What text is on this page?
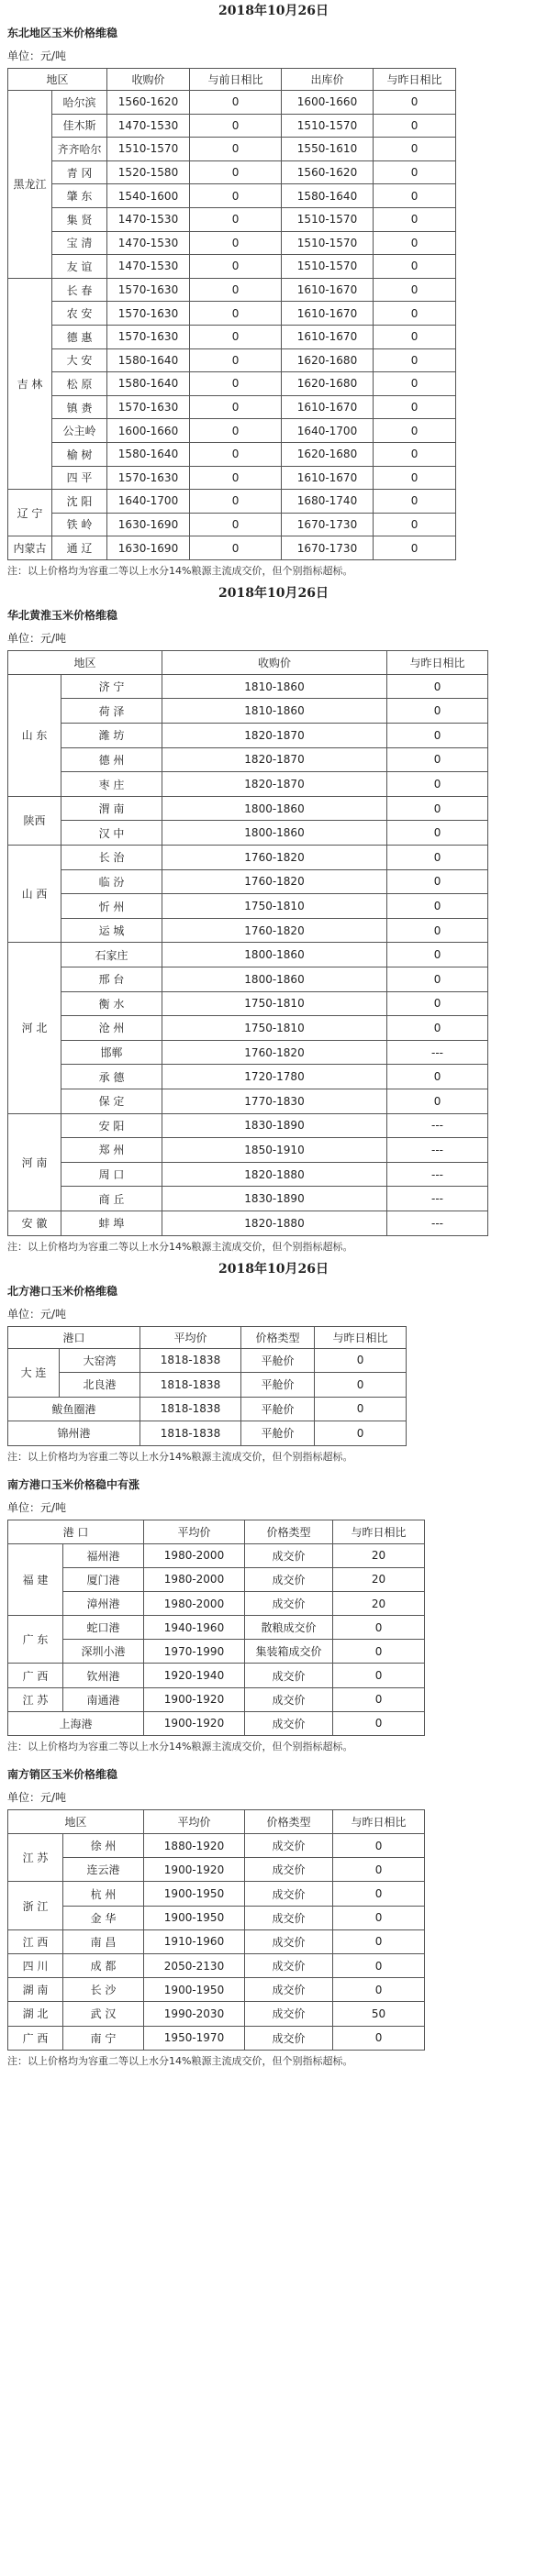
2018年10月26日
东北地区玉米价格维稳
单位：元/吨
地区		收购价	与前日相比	出库价	与昨日相比
黑龙江	哈尔滨	1560-1620	0	1600-1660	0
	佳木斯	1470-1530	0	1510-1570	0
	齐齐哈尔	1510-1570	0	1550-1610	0
	青 冈	1520-1580	0	1560-1620	0
	肇 东	1540-1600	0	1580-1640	0
	集 贤	1470-1530	0	1510-1570	0
	宝 清	1470-1530	0	1510-1570	0
	友 谊	1470-1530	0	1510-1570	0
吉 林	长 春	1570-1630	0	1610-1670	0
	农 安	1570-1630	0	1610-1670	0
	德 惠	1570-1630	0	1610-1670	0
	大 安	1580-1640	0	1620-1680	0
	松 原	1580-1640	0	1620-1680	0
	镇 赉	1570-1630	0	1610-1670	0
	公主岭	1600-1660	0	1640-1700	0
	榆 树	1580-1640	0	1620-1680	0
	四 平	1570-1630	0	1610-1670	0
辽 宁	沈 阳	1640-1700	0	1680-1740	0
	铁 岭	1630-1690	0	1670-1730	0
内蒙古	通 辽	1630-1690	0	1670-1730	0
注：以上价格均为容重二等以上水分14%粮源主流成交价，但个别指标超标。
2018年10月26日
华北黄淮玉米价格维稳
单位：元/吨
地区		收购价	与昨日相比
山 东	济 宁	1810-1860	0
	荷 泽	1810-1860	0
	潍 坊	1820-1870	0
	德 州	1820-1870	0
	枣 庄	1820-1870	0
陕西	渭 南	1800-1860	0
	汉 中	1800-1860	0
山 西	长 治	1760-1820	0
	临 汾	1760-1820	0
	忻 州	1750-1810	0
	运 城	1760-1820	0
河 北	石家庄	1800-1860	0
	邢 台	1800-1860	0
	衡 水	1750-1810	0
	沧 州	1750-1810	0
	邯郸	1760-1820	---
	承 德	1720-1780	0
	保 定	1770-1830	0
河 南	安 阳	1830-1890	---
	郑 州	1850-1910	---
	周 口	1820-1880	---
	商 丘	1830-1890	---
安 徽	蚌 埠	1820-1880	---
注：以上价格均为容重二等以上水分14%粮源主流成交价，但个别指标超标。
2018年10月26日
北方港口玉米价格维稳
单位：元/吨
港口		平均价	价格类型	与昨日相比
大 连	大窑湾	1818-1838	平舱价	0
	北良港	1818-1838	平舱价	0
鲅鱼圈港		1818-1838	平舱价	0
锦州港		1818-1838	平舱价	0
注：以上价格均为容重二等以上水分14%粮源主流成交价，但个别指标超标。
南方港口玉米价格稳中有涨
单位：元/吨
港 口		平均价	价格类型	与昨日相比
福 建	福州港	1980-2000	成交价	20
	厦门港	1980-2000	成交价	20
	漳州港	1980-2000	成交价	20
广 东	蛇口港	1940-1960	散粮成交价	0
	深圳小港	1970-1990	集装箱成交价	0
广 西	钦州港	1920-1940	成交价	0
江 苏	南通港	1900-1920	成交价	0
上海港		1900-1920	成交价	0
注：以上价格均为容重二等以上水分14%粮源主流成交价，但个别指标超标。
南方销区玉米价格维稳
单位：元/吨
地区		平均价	价格类型	与昨日相比
江 苏	徐 州	1880-1920	成交价	0
	连云港	1900-1920	成交价	0
浙 江	杭 州	1900-1950	成交价	0
	金 华	1900-1950	成交价	0
江 西	南 昌	1910-1960	成交价	0
四 川	成 都	2050-2130	成交价	0
湖 南	长 沙	1900-1950	成交价	0
湖 北	武 汉	1990-2030	成交价	50
广 西	南 宁	1950-1970	成交价	0
注：以上价格均为容重二等以上水分14%粮源主流成交价，但个别指标超标。
